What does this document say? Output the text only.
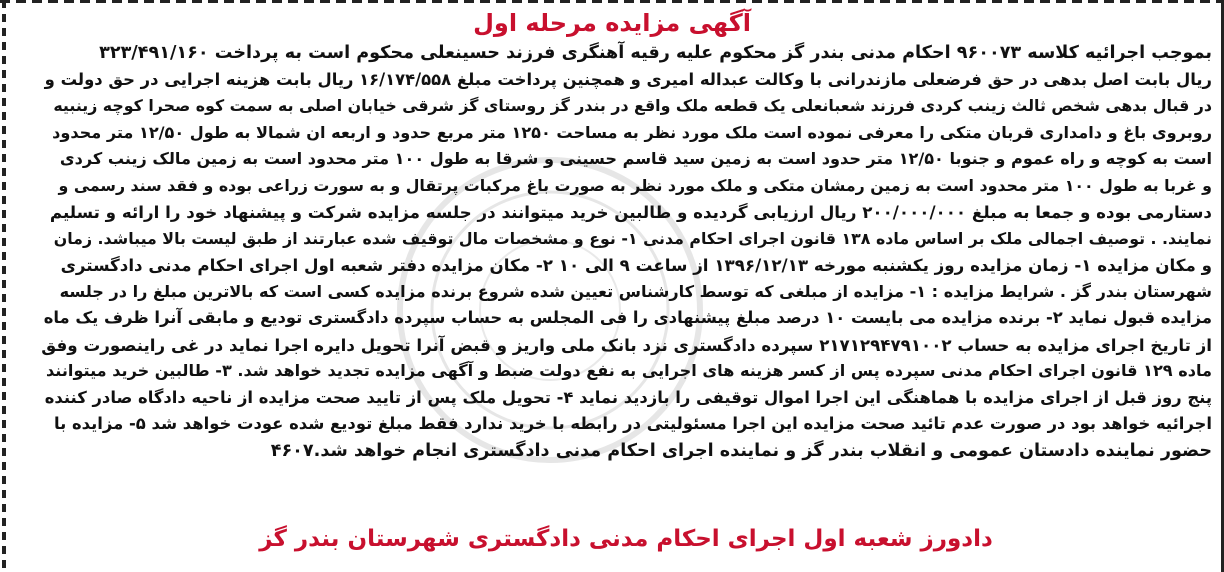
آگهی مزایده مرحله اول
بموجب اجرائیه کلاسه ۹۶۰۰۷۳ احکام مدنی بندر گز محکوم علیه رقیه آهنگری فرزند حسینعلی محکوم است به پرداخت ۳۲۳/۴۹۱/۱۶۰
ریال بابت اصل بدهی در حق فرضعلی مازندرانی با وکالت عبداله امیری و همچنین پرداخت مبلغ ۱۶/۱۷۴/۵۵۸ ریال بابت هزینه اجرایی در حق دولت و
در قبال بدهی شخص ثالث زینب کردی فرزند شعبانعلی یک قطعه ملک واقع در بندر گز روستای گز شرقی خیابان اصلی به سمت کوه صحرا کوچه زینبیه
روبروی باغ و دامداری قربان متکی را معرفی نموده است ملک مورد نظر به مساحت ۱۲۵۰ متر مربع حدود و اربعه ان شمالا به طول ۱۲/۵۰ متر محدود
است به کوچه و راه عموم و جنوبا ۱۲/۵۰ متر حدود است به زمین سید قاسم حسینی و شرقا به طول ۱۰۰ متر محدود است به زمین مالک زینب کردی
و غربا به طول ۱۰۰ متر محدود است به زمین رمشان متکی و ملک مورد نظر به صورت باغ مرکبات پرتقال و به سورت زراعی بوده و فقد سند رسمی و
دستارمی بوده و جمعا به مبلغ ۲۰۰/۰۰۰/۰۰۰ ریال ارزیابی گردیده و طالبین خرید میتوانند در جلسه مزایده شرکت و پیشنهاد خود را ارائه و تسلیم
نمایند. . توصیف اجمالی ملک بر اساس ماده ۱۳۸ قانون اجرای احکام مدنی ۱- نوع و مشخصات مال توقیف شده عبارتند از طبق لیست بالا میباشد. زمان
و مکان مزایده ۱- زمان مزایده روز یکشنبه مورخه ۱۳۹۶/۱۲/۱۳ از ساعت ۹ الی ۱۰ ۲- مکان مزایده دفتر شعبه اول اجرای احکام مدنی دادگستری
شهرستان بندر گز . شرایط مزایده : ۱- مزایده از مبلغی که توسط کارشناس تعیین شده شروع برنده مزایده کسی است که بالاترین مبلغ را در جلسه
مزایده قبول نماید ۲- برنده مزایده می بایست ۱۰ درصد مبلغ پیشنهادی را فی المجلس به حساب سپرده دادگستری تودیع و مابقی آنرا ظرف یک ماه
از تاریخ اجرای مزایده به حساب ۲۱۷۱۲۹۴۷۹۱۰۰۲ سپرده دادگستری نزد بانک ملی واریز و قبض آنرا تحویل دایره اجرا نماید در غی راینصورت وفق
ماده ۱۲۹ قانون اجرای احکام مدنی سپرده پس از کسر هزینه های اجرایی به نفع دولت ضبط و آگهی مزایده تجدید خواهد شد. ۳- طالبین خرید میتوانند
پنج روز قبل از اجرای مزایده با هماهنگی این اجرا اموال توقیفی را بازدید نماید ۴- تحویل ملک پس از تایید صحت مزایده از ناحیه دادگاه صادر کننده
اجرائیه خواهد بود در صورت عدم تائید صحت مزایده این اجرا مسئولیتی در رابطه با خرید ندارد فقط مبلغ تودیع شده عودت خواهد شد ۵- مزایده با
حضور نماینده دادستان عمومی و انقلاب بندر گز و نماینده اجرای احکام مدنی دادگستری انجام خواهد شد.۴۶۰۷
دادورز شعبه اول اجرای احکام مدنی دادگستری شهرستان بندر گز
